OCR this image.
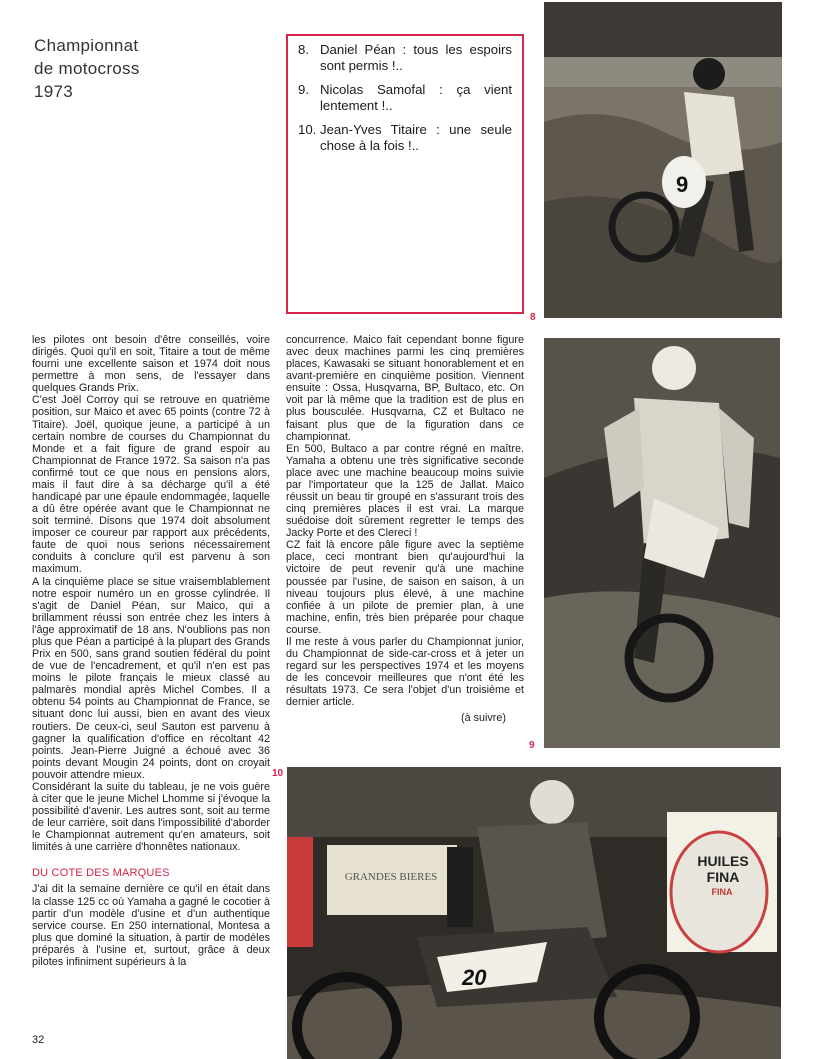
Championnat
de motocross
1973
8. Daniel Péan : tous les espoirs sont permis !..
9. Nicolas Samofal : ça vient lentement !..
10. Jean-Yves Titaire : une seule chose à la fois !..
9
8
9
GRANDES BIERES
HUILES FINA
FINA
20
10

les pilotes ont besoin d'être conseillés, voire dirigés. Quoi qu'il en soit, Titaire a tout de même fourni une excellente saison et 1974 doit nous permettre à mon sens, de l'essayer dans quelques Grands Prix.

C'est Joël Corroy qui se retrouve en quatrième position, sur Maico et avec 65 points (contre 72 à Titaire). Joël, quoique jeune, a participé à un certain nombre de courses du Championnat du Monde et a fait figure de grand espoir au Championnat de France 1972. Sa saison n'a pas confirmé tout ce que nous en pensions alors, mais il faut dire à sa décharge qu'il a été handicapé par une épaule endommagée, laquelle a dû être opérée avant que le Championnat ne soit terminé. Disons que 1974 doit absolument imposer ce coureur par rapport aux précédents, faute de quoi nous serions nécessairement conduits à conclure qu'il est parvenu à son maximum.

A la cinquième place se situe vraisemblablement notre espoir numéro un en grosse cylindrée. Il s'agit de Daniel Péan, sur Maico, qui a brillamment réussi son entrée chez les inters à l'âge approximatif de 18 ans. N'oublions pas non plus que Péan a participé à la plupart des Grands Prix en 500, sans grand soutien fédéral du point de vue de l'encadrement, et qu'il n'en est pas moins le pilote français le mieux classé au palmarès mondial après Michel Combes. Il a obtenu 54 points au Championnat de France, se situant donc lui aussi, bien en avant des vieux routiers. De ceux-ci, seul Sauton est parvenu à gagner la qualification d'office en récoltant 42 points. Jean-Pierre Juigné a échoué avec 36 points devant Mougin 24 points, dont on croyait pouvoir attendre mieux.

Considérant la suite du tableau, je ne vois guère à citer que le jeune Michel Lhomme si j'évoque la possibilité d'avenir. Les autres sont, soit au terme de leur carrière, soit dans l'impossibilité d'aborder le Championnat autrement qu'en amateurs, soit limités à une carrière d'honnêtes nationaux.

DU COTE DES MARQUES

J'ai dit la semaine dernière ce qu'il en était dans la classe 125 cc où Yamaha a gagné le cocotier à partir d'un modèle d'usine et d'un authentique service course. En 250 international, Montesa a plus que dominé la situation, à partir de modèles préparés à l'usine et, surtout, grâce à deux pilotes infiniment supérieurs à la

concurrence. Maico fait cependant bonne figure avec deux machines parmi les cinq premières places, Kawasaki se situant honorablement et en avant-première en cinquième position. Viennent ensuite : Ossa, Husqvarna, BP, Bultaco, etc. On voit par là même que la tradition est de plus en plus bousculée. Husqvarna, CZ et Bultaco ne faisant plus que de la figuration dans ce championnat.

En 500, Bultaco a par contre régné en maître. Yamaha a obtenu une très significative seconde place avec une machine beaucoup moins suivie par l'importateur que la 125 de Jallat. Maico réussit un beau tir groupé en s'assurant trois des cinq premières places il est vrai. La marque suédoise doit sûrement regretter le temps des Jacky Porte et des Clereci !

CZ fait là encore pâle figure avec la septième place, ceci montrant bien qu'aujourd'hui la victoire de peut revenir qu'à une machine poussée par l'usine, de saison en saison, à un niveau toujours plus élevé, à une machine confiée à un pilote de premier plan, à une machine, enfin, très bien préparée pour chaque course.

Il me reste à vous parler du Championnat junior, du Championnat de side-car-cross et à jeter un regard sur les perspectives 1974 et les moyens de les concevoir meilleures que n'ont été les résultats 1973. Ce sera l'objet d'un troisième et dernier article.

(à suivre)
32
